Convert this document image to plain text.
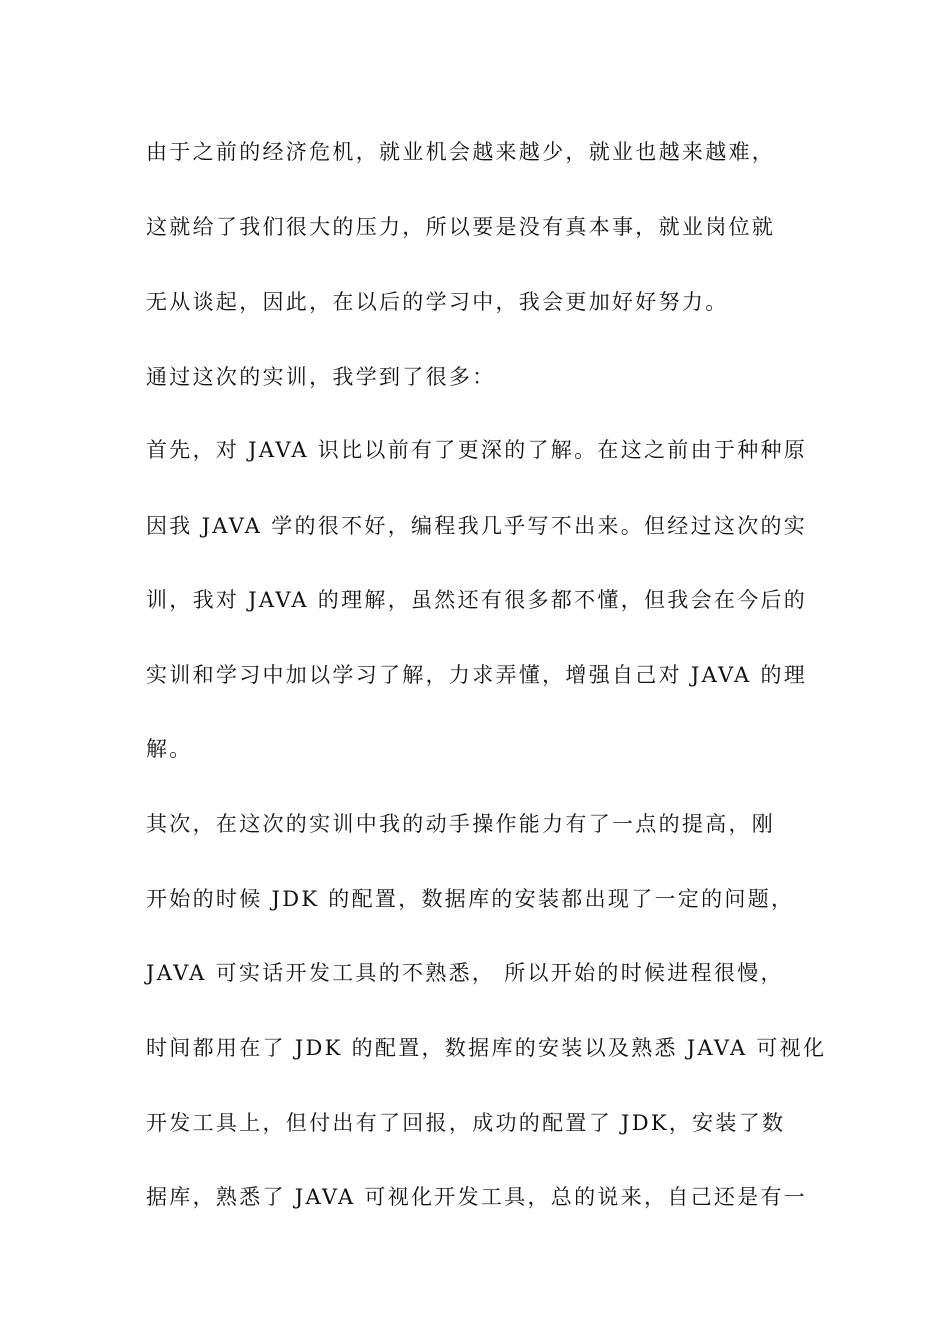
由于之前的经济危机，就业机会越来越少，就业也越来越难，

这就给了我们很大的压力，所以要是没有真本事，就业岗位就

无从谈起，因此，在以后的学习中，我会更加好好努力。

通过这次的实训，我学到了很多：

首先，对 JAVA 识比以前有了更深的了解。在这之前由于种种原

因我 JAVA 学的很不好，编程我几乎写不出来。但经过这次的实

训，我对 JAVA 的理解，虽然还有很多都不懂，但我会在今后的

实训和学习中加以学习了解，力求弄懂，增强自己对 JAVA 的理

解。

其次，在这次的实训中我的动手操作能力有了一点的提高，刚

开始的时候 JDK 的配置，数据库的安装都出现了一定的问题，

JAVA 可实话开发工具的不熟悉， 所以开始的时候进程很慢，

时间都用在了 JDK 的配置，数据库的安装以及熟悉 JAVA 可视化

开发工具上，但付出有了回报，成功的配置了 JDK，安装了数

据库，熟悉了 JAVA 可视化开发工具，总的说来，自己还是有一
